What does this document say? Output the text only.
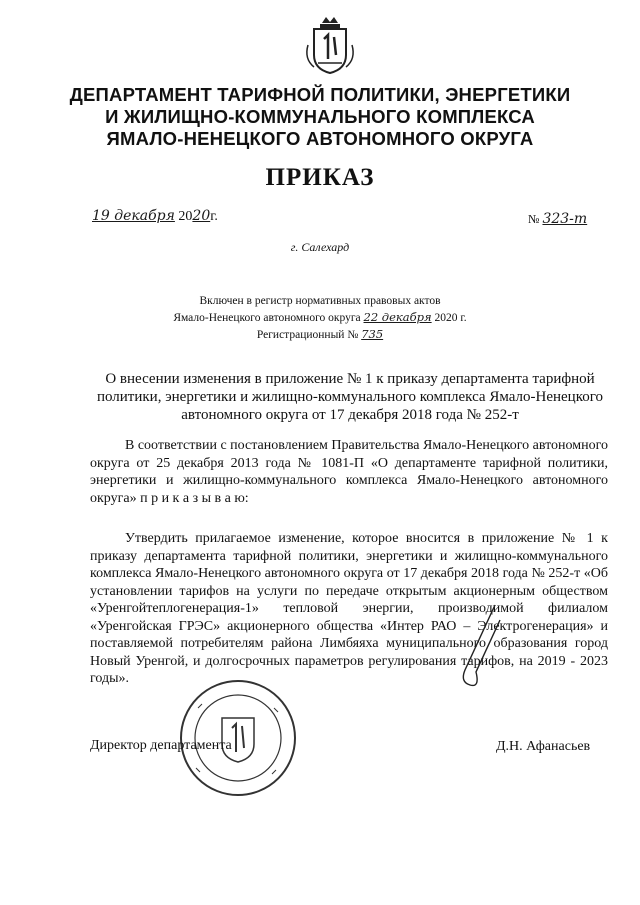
ДЕПАРТАМЕНТ ТАРИФНОЙ ПОЛИТИКИ, ЭНЕРГЕТИКИ
И ЖИЛИЩНО-КОММУНАЛЬНОГО КОМПЛЕКСА
ЯМАЛО-НЕНЕЦКОГО АВТОНОМНОГО ОКРУГА
ПРИКАЗ
19 декабря 2020г.	№ 323-т
г. Салехард
Включен в регистр нормативных правовых актов
Ямало-Ненецкого автономного округа 22 декабря 2020 г.
Регистрационный № 735
О внесении изменения в приложение № 1 к приказу департамента тарифной политики, энергетики и жилищно-коммунального комплекса Ямало-Ненецкого автономного округа от 17 декабря 2018 года № 252-т
В соответствии с постановлением Правительства Ямало-Ненецкого автономного округа от 25 декабря 2013 года № 1081-П «О департаменте тарифной политики, энергетики и жилищно-коммунального комплекса Ямало-Ненецкого автономного округа» п р и к а з ы в а ю:
Утвердить прилагаемое изменение, которое вносится в приложение № 1 к приказу департамента тарифной политики, энергетики и жилищно-коммунального комплекса Ямало-Ненецкого автономного округа от 17 декабря 2018 года № 252-т «Об установлении тарифов на услуги по передаче открытым акционерным обществом «Уренгойтеплогенерация-1» тепловой энергии, производимой филиалом «Уренгойская ГРЭС» акционерного общества «Интер РАО – Электрогенерация» и поставляемой потребителям района Лимбяяха муниципального образования город Новый Уренгой, и долгосрочных параметров регулирования тарифов, на 2019 - 2023 годы».
Директор департамента	Д.Н. Афанасьев
